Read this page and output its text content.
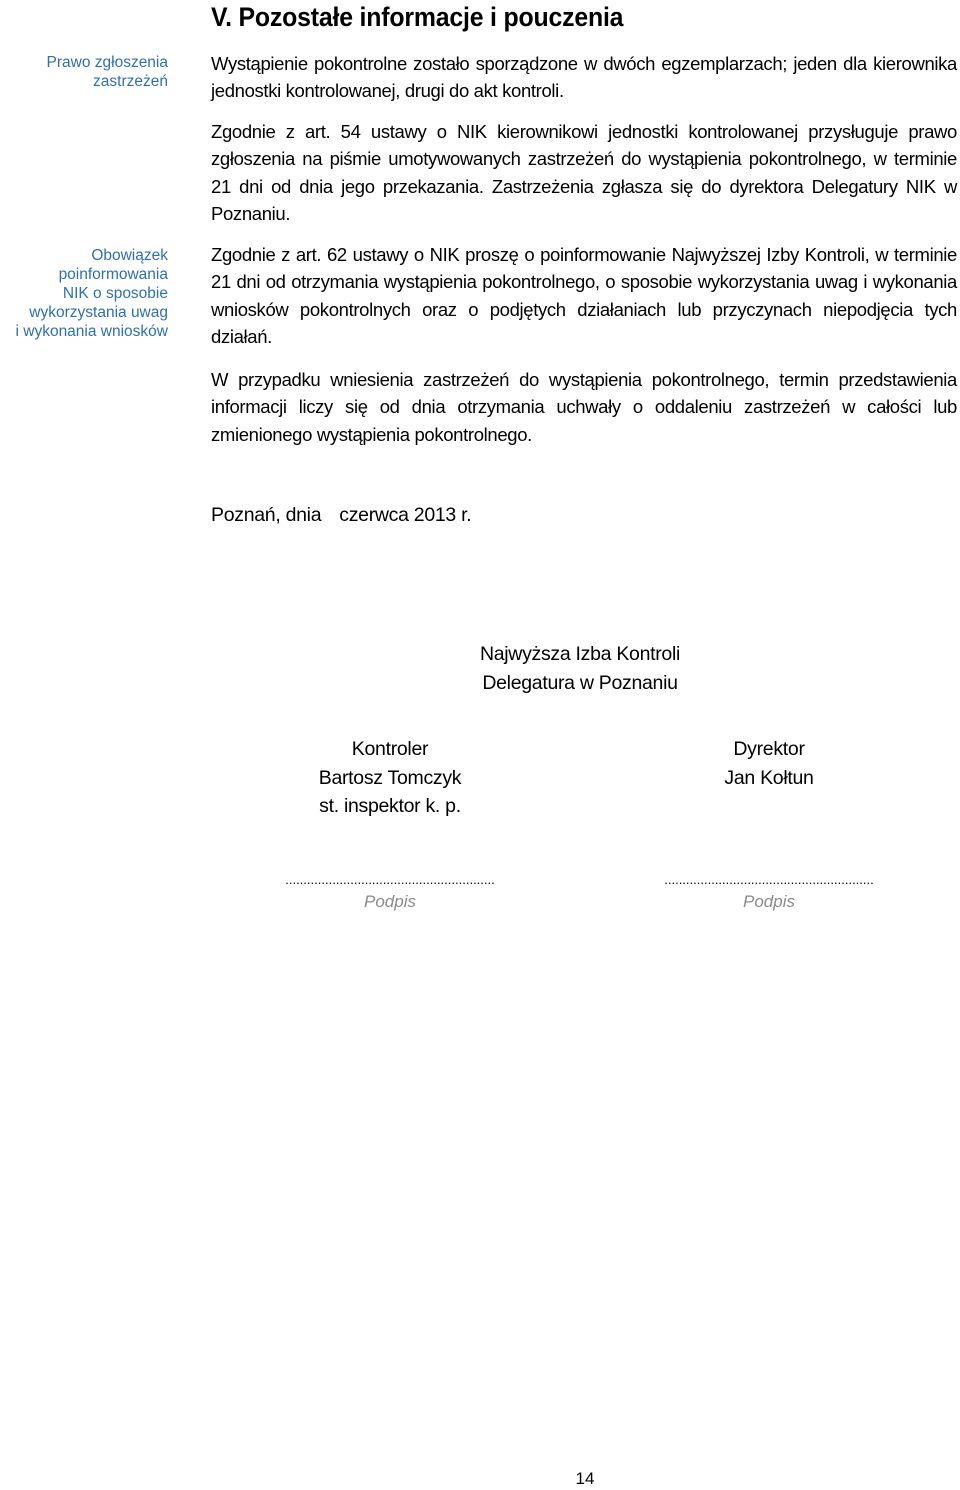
Prawo zgłoszenia
zastrzeżeń
Obowiązek
poinformowania
NIK o sposobie
wykorzystania uwag
i wykonania wniosków
V. Pozostałe informacje i pouczenia

Wystąpienie pokontrolne zostało sporządzone w dwóch egzemplarzach; jeden dla kierownika jednostki kontrolowanej, drugi do akt kontroli.

Zgodnie z art. 54 ustawy o NIK kierownikowi jednostki kontrolowanej przysługuje prawo zgłoszenia na piśmie umotywowanych zastrzeżeń do wystąpienia pokontrolnego, w terminie 21 dni od dnia jego przekazania. Zastrzeżenia zgłasza się do dyrektora Delegatury NIK w Poznaniu.

Zgodnie z art. 62 ustawy o NIK proszę o poinformowanie Najwyższej Izby Kontroli, w terminie 21 dni od otrzymania wystąpienia pokontrolnego, o sposobie wykorzystania uwag i wykonania wniosków pokontrolnych oraz o podjętych działaniach lub przyczynach niepodjęcia tych działań.

W przypadku wniesienia zastrzeżeń do wystąpienia pokontrolnego, termin przedstawienia informacji liczy się od dnia otrzymania uchwały o oddaleniu zastrzeżeń w całości lub zmienionego wystąpienia pokontrolnego.

Poznań, dnia czerwca 2013 r.
Najwyższa Izba Kontroli
Delegatura w Poznaniu
Kontroler
Bartosz Tomczyk
st. inspektor k. p.
Dyrektor
Jan Kołtun
..........................................................	..........................................................
Podpis	Podpis
14
